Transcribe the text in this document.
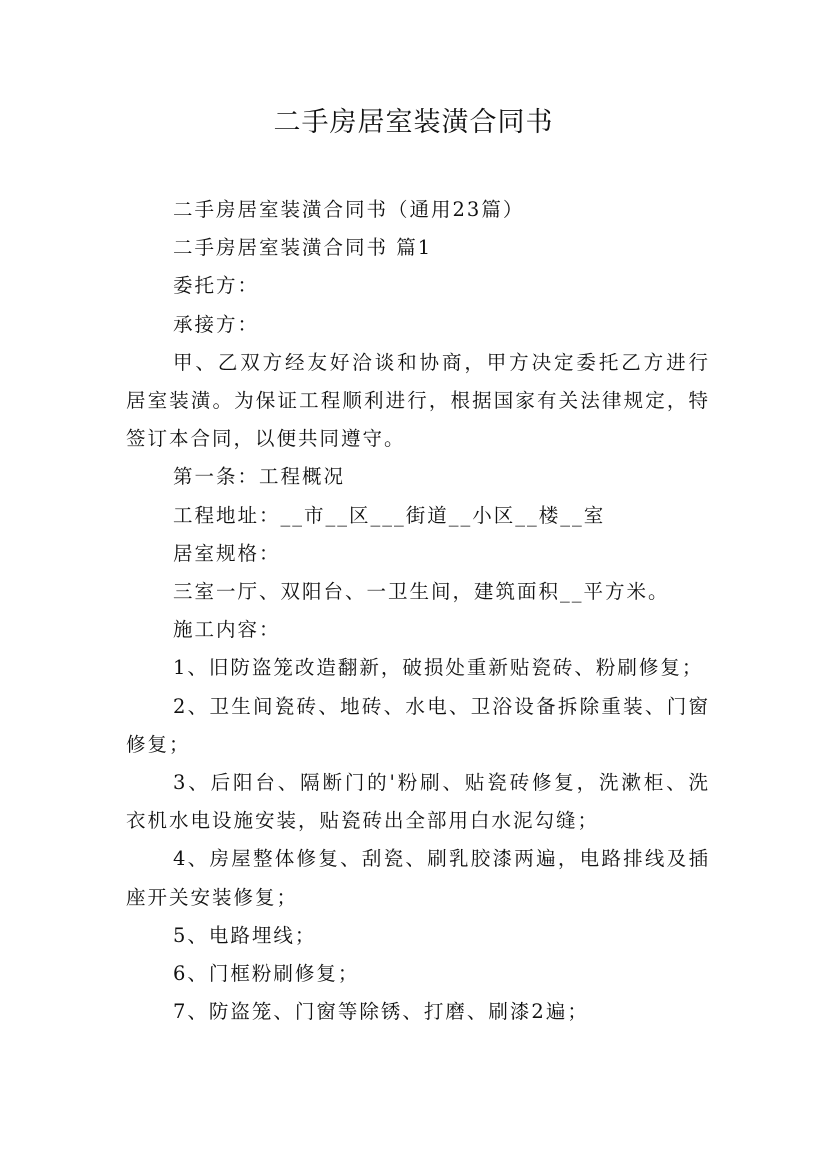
二手房居室装潢合同书

二手房居室装潢合同书（通用23篇）

二手房居室装潢合同书 篇1

委托方：

承接方：

甲、乙双方经友好洽谈和协商，甲方决定委托乙方进行居室装潢。为保证工程顺利进行，根据国家有关法律规定，特签订本合同，以便共同遵守。

第一条：工程概况

工程地址：__市__区___街道__小区__楼__室

居室规格：

三室一厅、双阳台、一卫生间，建筑面积__平方米。

施工内容：

1、旧防盗笼改造翻新，破损处重新贴瓷砖、粉刷修复；

2、卫生间瓷砖、地砖、水电、卫浴设备拆除重装、门窗修复；

3、后阳台、隔断门的'粉刷、贴瓷砖修复，洗漱柜、洗衣机水电设施安装，贴瓷砖出全部用白水泥勾缝；

4、房屋整体修复、刮瓷、刷乳胶漆两遍，电路排线及插座开关安装修复；

5、电路埋线；

6、门框粉刷修复；

7、防盗笼、门窗等除锈、打磨、刷漆2遍；
